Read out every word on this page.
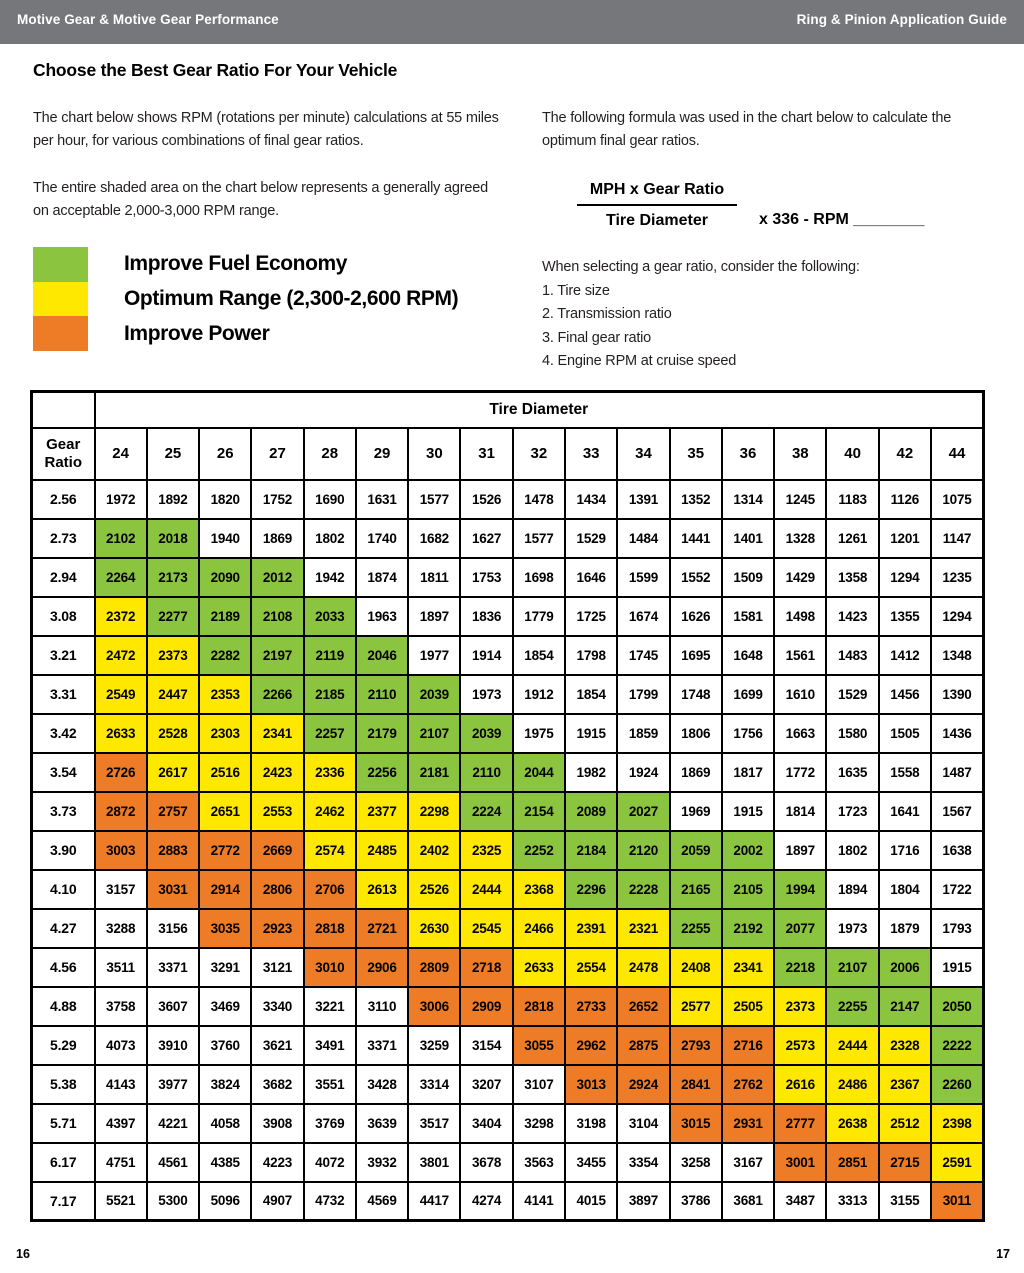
Motive Gear & Motive Gear Performance	Ring & Pinion Application Guide
Choose the Best Gear Ratio For Your Vehicle
The chart below shows RPM (rotations per minute) calculations at 55 miles per hour, for various combinations of final gear ratios.
The entire shaded area on the chart below represents a generally agreed on acceptable 2,000-3,000 RPM range.
Improve Fuel Economy
Optimum Range (2,300-2,600 RPM)
Improve Power
The following formula was used in the chart below to calculate the optimum final gear ratios.
$\frac{\text{MPH x Gear Ratio}}{\text{Tire Diameter}}$ x 336 - RPM ________
When selecting a gear ratio, consider the following:
1. Tire size
2. Transmission ratio
3. Final gear ratio
4. Engine RPM at cruise speed
	Tire Diameter																
Gear Ratio	24	25	26	27	28	29	30	31	32	33	34	35	36	38	40	42	44
2.56	1972	1892	1820	1752	1690	1631	1577	1526	1478	1434	1391	1352	1314	1245	1183	1126	1075
2.73	2102	2018	1940	1869	1802	1740	1682	1627	1577	1529	1484	1441	1401	1328	1261	1201	1147
2.94	2264	2173	2090	2012	1942	1874	1811	1753	1698	1646	1599	1552	1509	1429	1358	1294	1235
3.08	2372	2277	2189	2108	2033	1963	1897	1836	1779	1725	1674	1626	1581	1498	1423	1355	1294
3.21	2472	2373	2282	2197	2119	2046	1977	1914	1854	1798	1745	1695	1648	1561	1483	1412	1348
3.31	2549	2447	2353	2266	2185	2110	2039	1973	1912	1854	1799	1748	1699	1610	1529	1456	1390
3.42	2633	2528	2303	2341	2257	2179	2107	2039	1975	1915	1859	1806	1756	1663	1580	1505	1436
3.54	2726	2617	2516	2423	2336	2256	2181	2110	2044	1982	1924	1869	1817	1772	1635	1558	1487
3.73	2872	2757	2651	2553	2462	2377	2298	2224	2154	2089	2027	1969	1915	1814	1723	1641	1567
3.90	3003	2883	2772	2669	2574	2485	2402	2325	2252	2184	2120	2059	2002	1897	1802	1716	1638
4.10	3157	3031	2914	2806	2706	2613	2526	2444	2368	2296	2228	2165	2105	1994	1894	1804	1722
4.27	3288	3156	3035	2923	2818	2721	2630	2545	2466	2391	2321	2255	2192	2077	1973	1879	1793
4.56	3511	3371	3291	3121	3010	2906	2809	2718	2633	2554	2478	2408	2341	2218	2107	2006	1915
4.88	3758	3607	3469	3340	3221	3110	3006	2909	2818	2733	2652	2577	2505	2373	2255	2147	2050
5.29	4073	3910	3760	3621	3491	3371	3259	3154	3055	2962	2875	2793	2716	2573	2444	2328	2222
5.38	4143	3977	3824	3682	3551	3428	3314	3207	3107	3013	2924	2841	2762	2616	2486	2367	2260
5.71	4397	4221	4058	3908	3769	3639	3517	3404	3298	3198	3104	3015	2931	2777	2638	2512	2398
6.17	4751	4561	4385	4223	4072	3932	3801	3678	3563	3455	3354	3258	3167	3001	2851	2715	2591
7.17	5521	5300	5096	4907	4732	4569	4417	4274	4141	4015	3897	3786	3681	3487	3313	3155	3011
16	17
